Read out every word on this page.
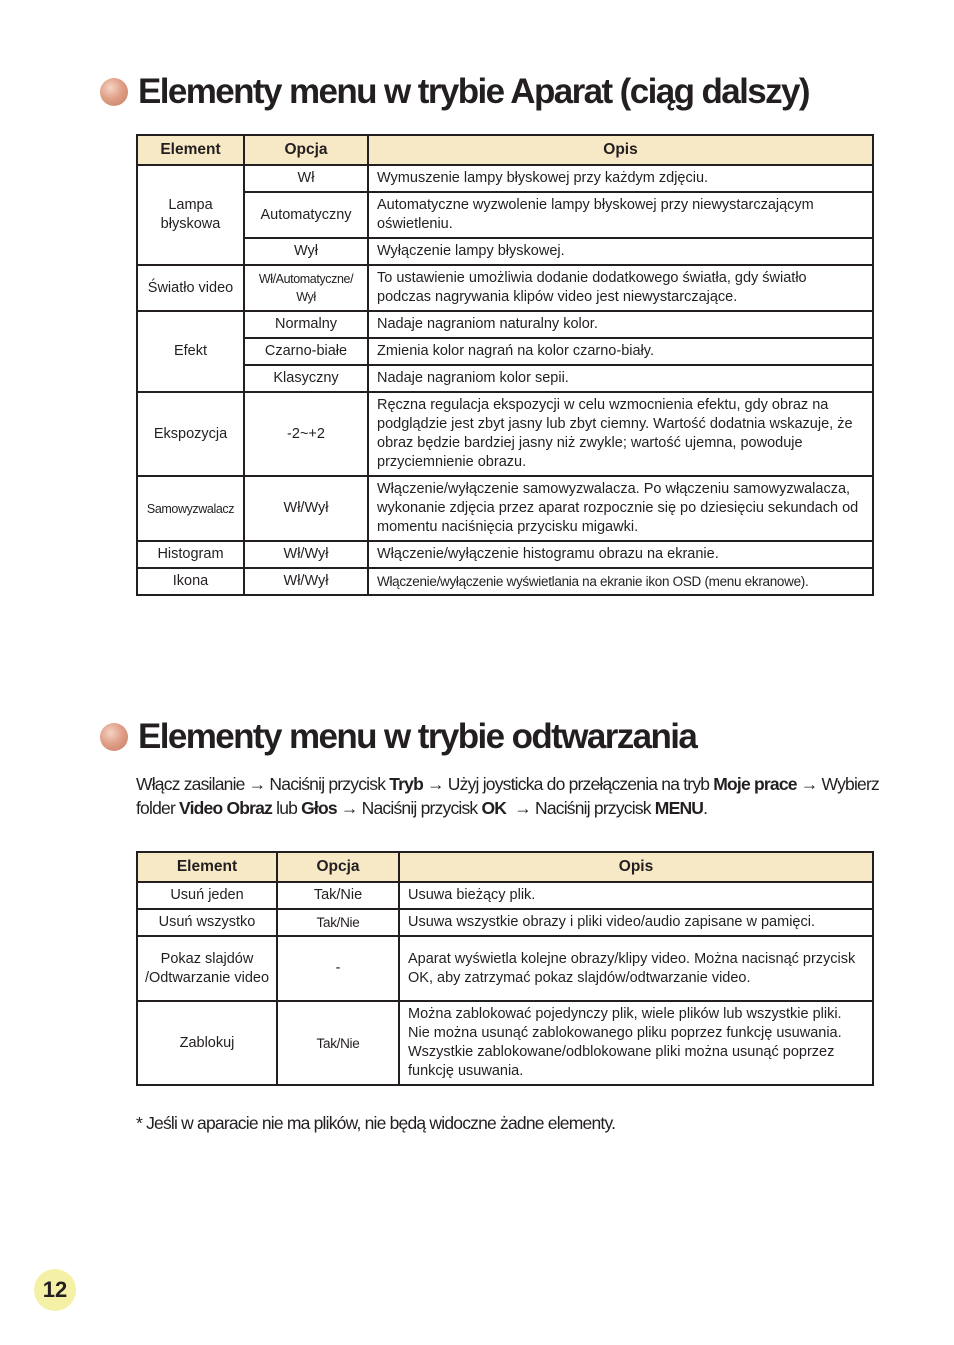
Elementy menu w trybie Aparat (ciąg dalszy)
Element	Opcja	Opis
Lampa błyskowa	Wł	Wymuszenie lampy błyskowej przy każdym zdjęciu.
	Automatyczny	Automatyczne wyzwolenie lampy błyskowej przy niewystarczającym oświetleniu.
	Wył	Wyłączenie lampy błyskowej.
Światło video	Wł/Automatyczne/ Wył	To ustawienie umożliwia dodanie dodatkowego światła, gdy światło podczas nagrywania klipów video jest niewystarczające.
Efekt	Normalny	Nadaje nagraniom naturalny kolor.
	Czarno-białe	Zmienia kolor nagrań na kolor czarno-biały.
	Klasyczny	Nadaje nagraniom kolor sepii.
Ekspozycja	-2~+2	Ręczna regulacja ekspozycji w celu wzmocnienia efektu, gdy obraz na podglądzie jest zbyt jasny lub zbyt ciemny. Wartość dodatnia wskazuje, że obraz będzie bardziej jasny niż zwykle; wartość ujemna, powoduje przyciemnienie obrazu.
Samowyzwalacz	Wł/Wył	Włączenie/wyłączenie samowyzwalacza. Po włączeniu samowyzwalacza, wykonanie zdjęcia przez aparat rozpocznie się po dziesięciu sekundach od momentu naciśnięcia przycisku migawki.
Histogram	Wł/Wył	Włączenie/wyłączenie histogramu obrazu na ekranie.
Ikona	Wł/Wył	Włączenie/wyłączenie wyświetlania na ekranie ikon OSD (menu ekranowe).
Elementy menu w trybie odtwarzania

Włącz zasilanie → Naciśnij przycisk Tryb → Użyj joysticka do przełączenia na tryb Moje prace → Wybierz folder Video Obraz lub Głos → Naciśnij przycisk OK  → Naciśnij przycisk MENU.

Element	Opcja	Opis
Usuń jeden	Tak/Nie	Usuwa bieżący plik.
Usuń wszystko	Tak/Nie	Usuwa wszystkie obrazy i pliki video/audio zapisane w pamięci.
Pokaz slajdów /Odtwarzanie video	-	Aparat wyświetla kolejne obrazy/klipy video. Można nacisnąć przycisk OK, aby zatrzymać pokaz slajdów/odtwarzanie video.
Zablokuj	Tak/Nie	Można zablokować pojedynczy plik, wiele plików lub wszystkie pliki. Nie można usunąć zablokowanego pliku poprzez funkcję usuwania. Wszystkie zablokowane/odblokowane pliki można usunąć poprzez funkcję usuwania.

* Jeśli w aparacie nie ma plików, nie będą widoczne żadne elementy.

12
